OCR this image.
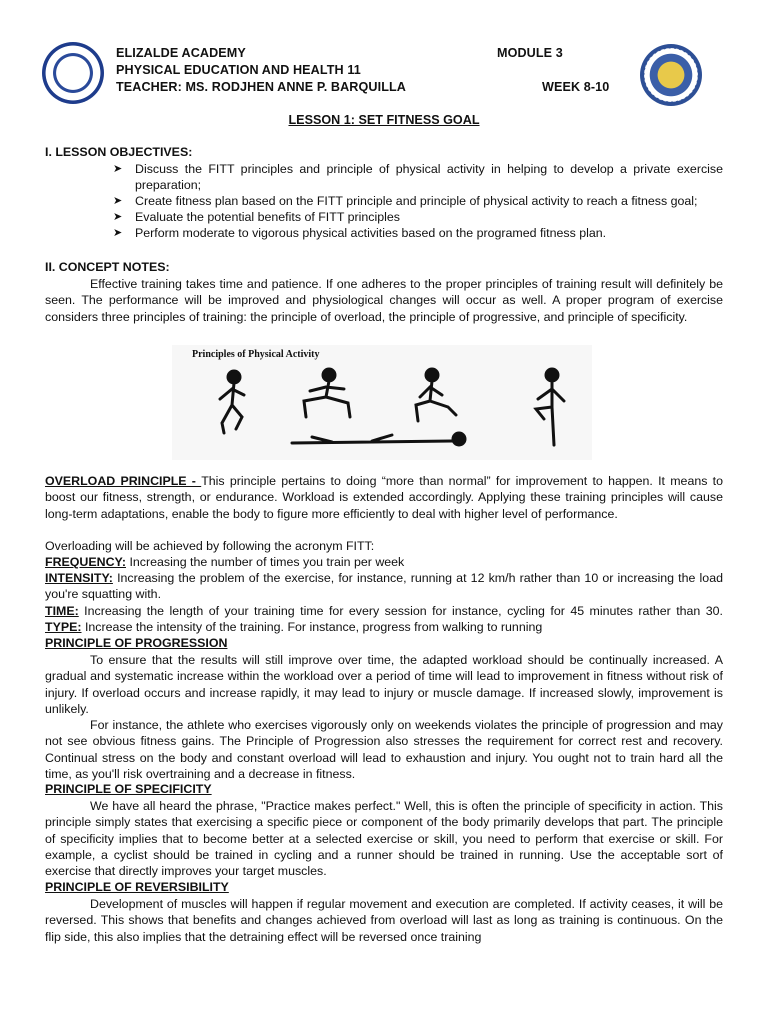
ELIZALDE ACADEMY
PHYSICAL EDUCATION AND HEALTH 11
TEACHER: MS. RODJHEN ANNE P. BARQUILLA
MODULE 3
WEEK 8-10
LESSON 1: SET FITNESS GOAL
I. LESSON OBJECTIVES:
➤ Discuss the FITT principles and principle of physical activity in helping to develop a private exercise preparation;
➤ Create fitness plan based on the FITT principle and principle of physical activity to reach a fitness goal;
➤ Evaluate the potential benefits of FITT principles
➤ Perform moderate to vigorous physical activities based on the programed fitness plan.
II. CONCEPT NOTES:

Effective training takes time and patience. If one adheres to the proper principles of training result will definitely be seen. The performance will be improved and physiological changes will occur as well. A proper program of exercise considers three principles of training: the principle of overload, the principle of progressive, and principle of specificity.

Principles of Physical Activity

OVERLOAD PRINCIPLE - This principle pertains to doing “more than normal” for improvement to happen. It means to boost our fitness, strength, or endurance. Workload is extended accordingly. Applying these training principles will cause long-term adaptations, enable the body to figure more efficiently to deal with higher level of performance.

Overloading will be achieved by following the acronym FITT:

FREQUENCY: Increasing the number of times you train per week

INTENSITY: Increasing the problem of the exercise, for instance, running at 12 km/h rather than 10 or increasing the load you're squatting with.

TIME: Increasing the length of your training time for every session for instance, cycling for 45 minutes rather than 30. TYPE: Increase the intensity of the training. For instance, progress from walking to running

PRINCIPLE OF PROGRESSION

To ensure that the results will still improve over time, the adapted workload should be continually increased. A gradual and systematic increase within the workload over a period of time will lead to improvement in fitness without risk of injury. If overload occurs and increase rapidly, it may lead to injury or muscle damage. If increased slowly, improvement is unlikely.

For instance, the athlete who exercises vigorously only on weekends violates the principle of progression and may not see obvious fitness gains. The Principle of Progression also stresses the requirement for correct rest and recovery. Continual stress on the body and constant overload will lead to exhaustion and injury. You ought not to train hard all the time, as you'll risk overtraining and a decrease in fitness.

PRINCIPLE OF SPECIFICITY

We have all heard the phrase, "Practice makes perfect." Well, this is often the principle of specificity in action. This principle simply states that exercising a specific piece or component of the body primarily develops that part. The principle of specificity implies that to become better at a selected exercise or skill, you need to perform that exercise or skill. For example, a cyclist should be trained in cycling and a runner should be trained in running. Use the acceptable sort of exercise that directly improves your target muscles.

PRINCIPLE OF REVERSIBILITY

Development of muscles will happen if regular movement and execution are completed. If activity ceases, it will be reversed. This shows that benefits and changes achieved from overload will last as long as training is continuous. On the flip side, this also implies that the detraining effect will be reversed once training
